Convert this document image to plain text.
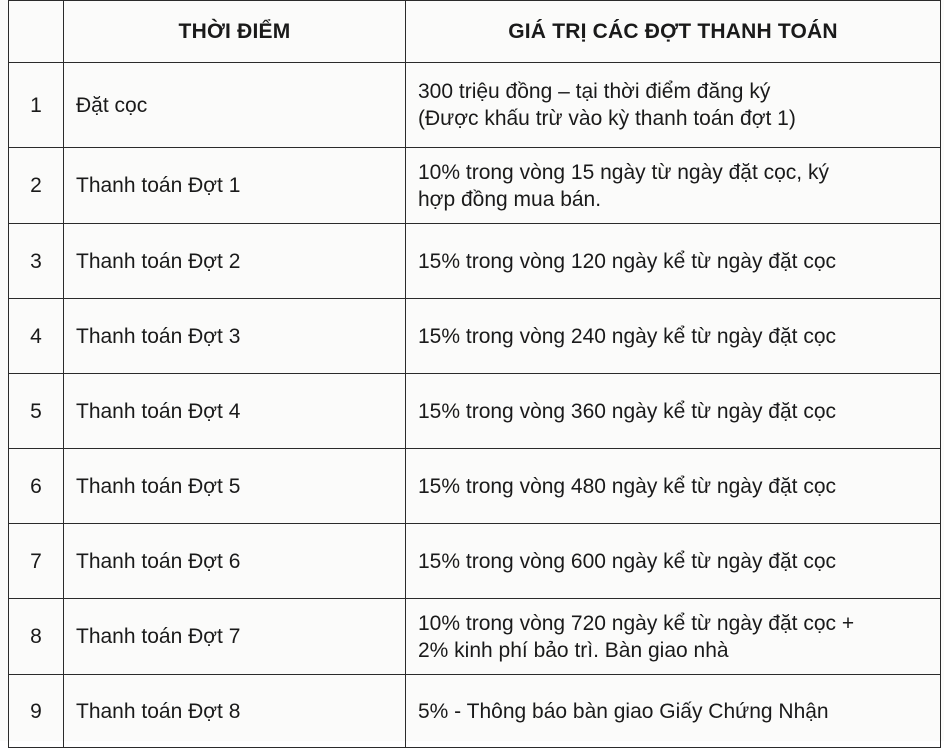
	THỜI ĐIỂM	GIÁ TRỊ CÁC ĐỢT THANH TOÁN
1	Đặt cọc	300 triệu đồng – tại thời điểm đăng ký
(Được khấu trừ vào kỳ thanh toán đợt 1)

2	Thanh toán Đợt 1	10% trong vòng 15 ngày từ ngày đặt cọc, ký
hợp đồng mua bán.

3	Thanh toán Đợt 2	15% trong vòng 120 ngày kể từ ngày đặt cọc

4	Thanh toán Đợt 3	15% trong vòng 240 ngày kể từ ngày đặt cọc

5	Thanh toán Đợt 4	15% trong vòng 360 ngày kể từ ngày đặt cọc

6	Thanh toán Đợt 5	15% trong vòng 480 ngày kể từ ngày đặt cọc

7	Thanh toán Đợt 6	15% trong vòng 600 ngày kể từ ngày đặt cọc

8	Thanh toán Đợt 7	10% trong vòng 720 ngày kể từ ngày đặt cọc +
2% kinh phí bảo trì. Bàn giao nhà

9	Thanh toán Đợt 8	5% - Thông báo bàn giao Giấy Chứng Nhận
